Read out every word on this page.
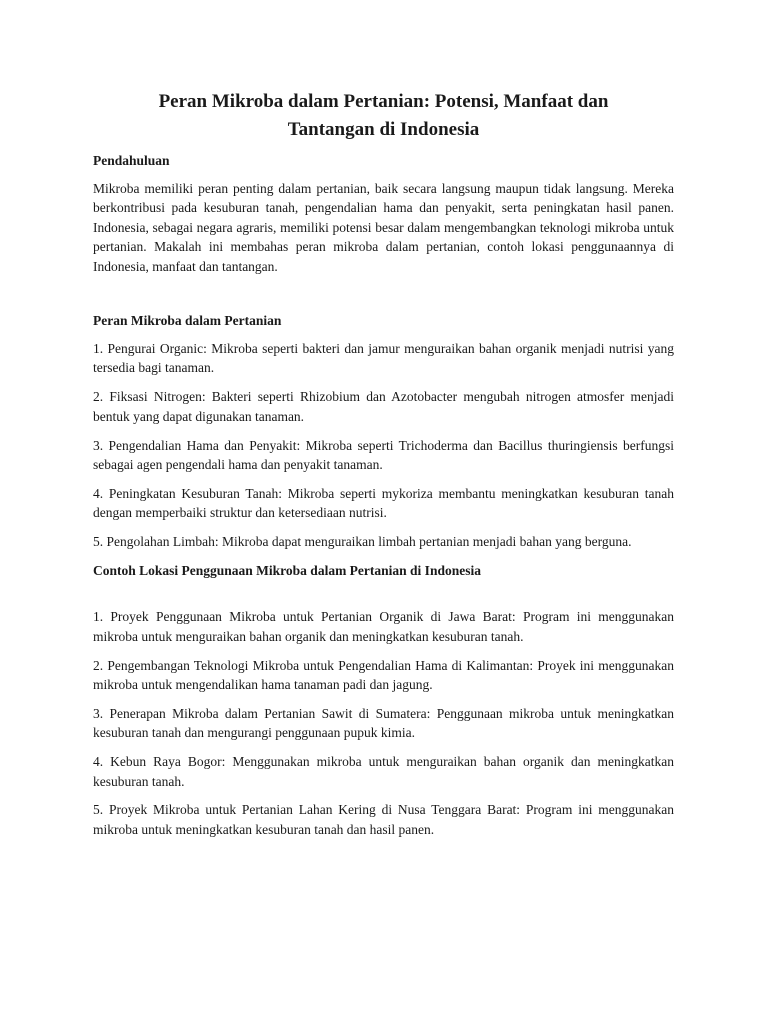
Peran Mikroba dalam Pertanian: Potensi, Manfaat dan Tantangan di Indonesia
Pendahuluan

Mikroba memiliki peran penting dalam pertanian, baik secara langsung maupun tidak langsung. Mereka berkontribusi pada kesuburan tanah, pengendalian hama dan penyakit, serta peningkatan hasil panen. Indonesia, sebagai negara agraris, memiliki potensi besar dalam mengembangkan teknologi mikroba untuk pertanian. Makalah ini membahas peran mikroba dalam pertanian, contoh lokasi penggunaannya di Indonesia, manfaat dan tantangan.

Peran Mikroba dalam Pertanian

1. Pengurai Organic: Mikroba seperti bakteri dan jamur menguraikan bahan organik menjadi nutrisi yang tersedia bagi tanaman.

2. Fiksasi Nitrogen: Bakteri seperti Rhizobium dan Azotobacter mengubah nitrogen atmosfer menjadi bentuk yang dapat digunakan tanaman.

3. Pengendalian Hama dan Penyakit: Mikroba seperti Trichoderma dan Bacillus thuringiensis berfungsi sebagai agen pengendali hama dan penyakit tanaman.

4. Peningkatan Kesuburan Tanah: Mikroba seperti mykoriza membantu meningkatkan kesuburan tanah dengan memperbaiki struktur dan ketersediaan nutrisi.

5. Pengolahan Limbah: Mikroba dapat menguraikan limbah pertanian menjadi bahan yang berguna.

Contoh Lokasi Penggunaan Mikroba dalam Pertanian di Indonesia

1. Proyek Penggunaan Mikroba untuk Pertanian Organik di Jawa Barat: Program ini menggunakan mikroba untuk menguraikan bahan organik dan meningkatkan kesuburan tanah.

2. Pengembangan Teknologi Mikroba untuk Pengendalian Hama di Kalimantan: Proyek ini menggunakan mikroba untuk mengendalikan hama tanaman padi dan jagung.

3. Penerapan Mikroba dalam Pertanian Sawit di Sumatera: Penggunaan mikroba untuk meningkatkan kesuburan tanah dan mengurangi penggunaan pupuk kimia.

4. Kebun Raya Bogor: Menggunakan mikroba untuk menguraikan bahan organik dan meningkatkan kesuburan tanah.

5. Proyek Mikroba untuk Pertanian Lahan Kering di Nusa Tenggara Barat: Program ini menggunakan mikroba untuk meningkatkan kesuburan tanah dan hasil panen.
